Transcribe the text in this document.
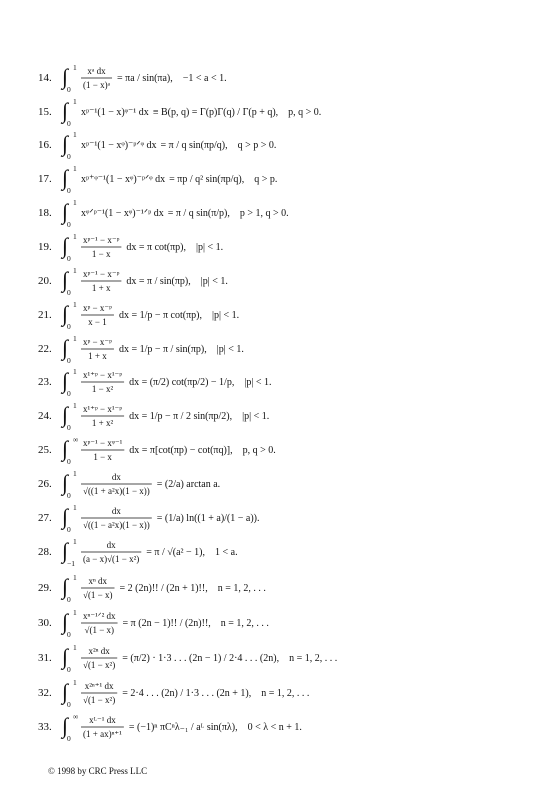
14. ∫ 1
0
xᵃ dx
(1 − x)ᵃ
= πa / sin(πa), −1 < a < 1.
15. ∫ 1
0
xᵖ⁻¹(1 − x)ᵠ⁻¹ dx ≡ B(p, q) = Γ(p)Γ(q) / Γ(p + q), p, q > 0.
16. ∫ 1
0
xᵖ⁻¹(1 − xᵠ)⁻ᵖᐟᵠ dx = π / q sin(πp/q), q > p > 0.
17. ∫ 1
0
xᵖ⁺ᵠ⁻¹(1 − xᵠ)⁻ᵖᐟᵠ dx = πp / q² sin(πp/q), q > p.
18. ∫ 1
0
xᵠᐟᵖ⁻¹(1 − xᵠ)⁻¹ᐟᵖ dx = π / q sin(π/p), p > 1, q > 0.
19. ∫ 1
0
xᵖ⁻¹ − x⁻ᵖ
1 − x
dx = π cot(πp), |p| < 1.
20. ∫ 1
0
xᵖ⁻¹ − x⁻ᵖ
1 + x
dx = π / sin(πp), |p| < 1.
21. ∫ 1
0
xᵖ − x⁻ᵖ
x − 1
dx = 1/p − π cot(πp), |p| < 1.
22. ∫ 1
0
xᵖ − x⁻ᵖ
1 + x
dx = 1/p − π / sin(πp), |p| < 1.
23. ∫ 1
0
x¹⁺ᵖ − x¹⁻ᵖ
1 − x²
dx = (π/2) cot(πp/2) − 1/p, |p| < 1.
24. ∫ 1
0
x¹⁺ᵖ − x¹⁻ᵖ
1 + x²
dx = 1/p − π / 2 sin(πp/2), |p| < 1.
25. ∫ ∞
0
xᵖ⁻¹ − xᵠ⁻¹
1 − x
dx = π[cot(πp) − cot(πq)], p, q > 0.
26. ∫ 1
0
dx
√((1 + a²x)(1 − x))
= (2/a) arctan a.
27. ∫ 1
0
dx
√((1 − a²x)(1 − x))
= (1/a) ln((1 + a)/(1 − a)).
28. ∫ 1
−1
dx
(a − x)√(1 − x²)
= π / √(a² − 1), 1 < a.
29. ∫ 1
0
xⁿ dx
√(1 − x)
= 2 (2n)!! / (2n + 1)!!, n = 1, 2, . . .
30. ∫ 1
0
xⁿ⁻¹ᐟ² dx
√(1 − x)
= π (2n − 1)!! / (2n)!!, n = 1, 2, . . .
31. ∫ 1
0
x²ⁿ dx
√(1 − x²)
= (π/2) · 1·3 . . . (2n − 1) / 2·4 . . . (2n), n = 1, 2, . . .
32. ∫ 1
0
x²ⁿ⁺¹ dx
√(1 − x²)
= 2·4 . . . (2n) / 1·3 . . . (2n + 1), n = 1, 2, . . .
33. ∫ ∞
0
xᴸ⁻¹ dx
(1 + ax)ⁿ⁺¹
= (−1)ⁿ πCⁿλ₋₁ / aᴸ sin(πλ), 0 < λ < n + 1.
© 1998 by CRC Press LLC
